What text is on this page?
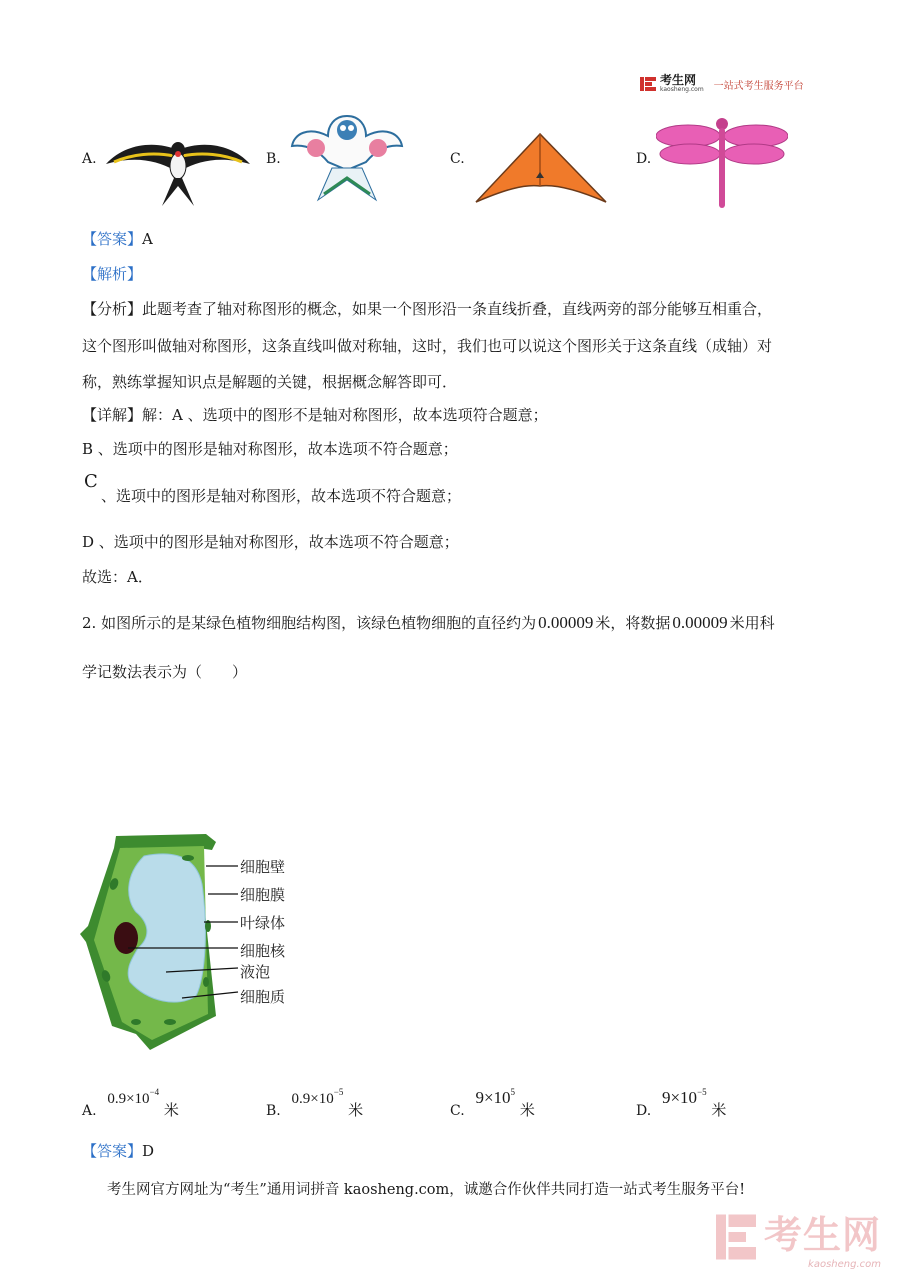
考生网
kaosheng.com 一站式考生服务平台
A.	B.	C.	D.
【答案】A
【解析】
【分析】此题考查了轴对称图形的概念，如果一个图形沿一条直线折叠，直线两旁的部分能够互相重合，
这个图形叫做轴对称图形，这条直线叫做对称轴，这时，我们也可以说这个图形关于这条直线（成轴）对
称，熟练掌握知识点是解题的关键，根据概念解答即可．
【详解】解：A 、选项中的图形不是轴对称图形，故本选项符合题意；
B 、选项中的图形是轴对称图形，故本选项不符合题意；
C
、选项中的图形是轴对称图形，故本选项不符合题意；
D 、选项中的图形是轴对称图形，故本选项不符合题意；
故选：A．
2. 如图所示的是某绿色植物细胞结构图，该绿色植物细胞的直径约为 0.00009 米，将数据 0.00009 米用科
学记数法表示为（　　）
细胞壁
细胞膜
叶绿体
细胞核
液泡
细胞质
A. $0.9\times 10^{-4}$ 米	B. $0.9\times 10^{-5}$ 米	C. $9\times 10^5$ 米	D. $9\times 10^{-5}$ 米
【答案】D
考生网官方网址为“考生”通用词拼音 kaosheng.com，诚邀合作伙伴共同打造一站式考生服务平台!
考生网
kaosheng.com
